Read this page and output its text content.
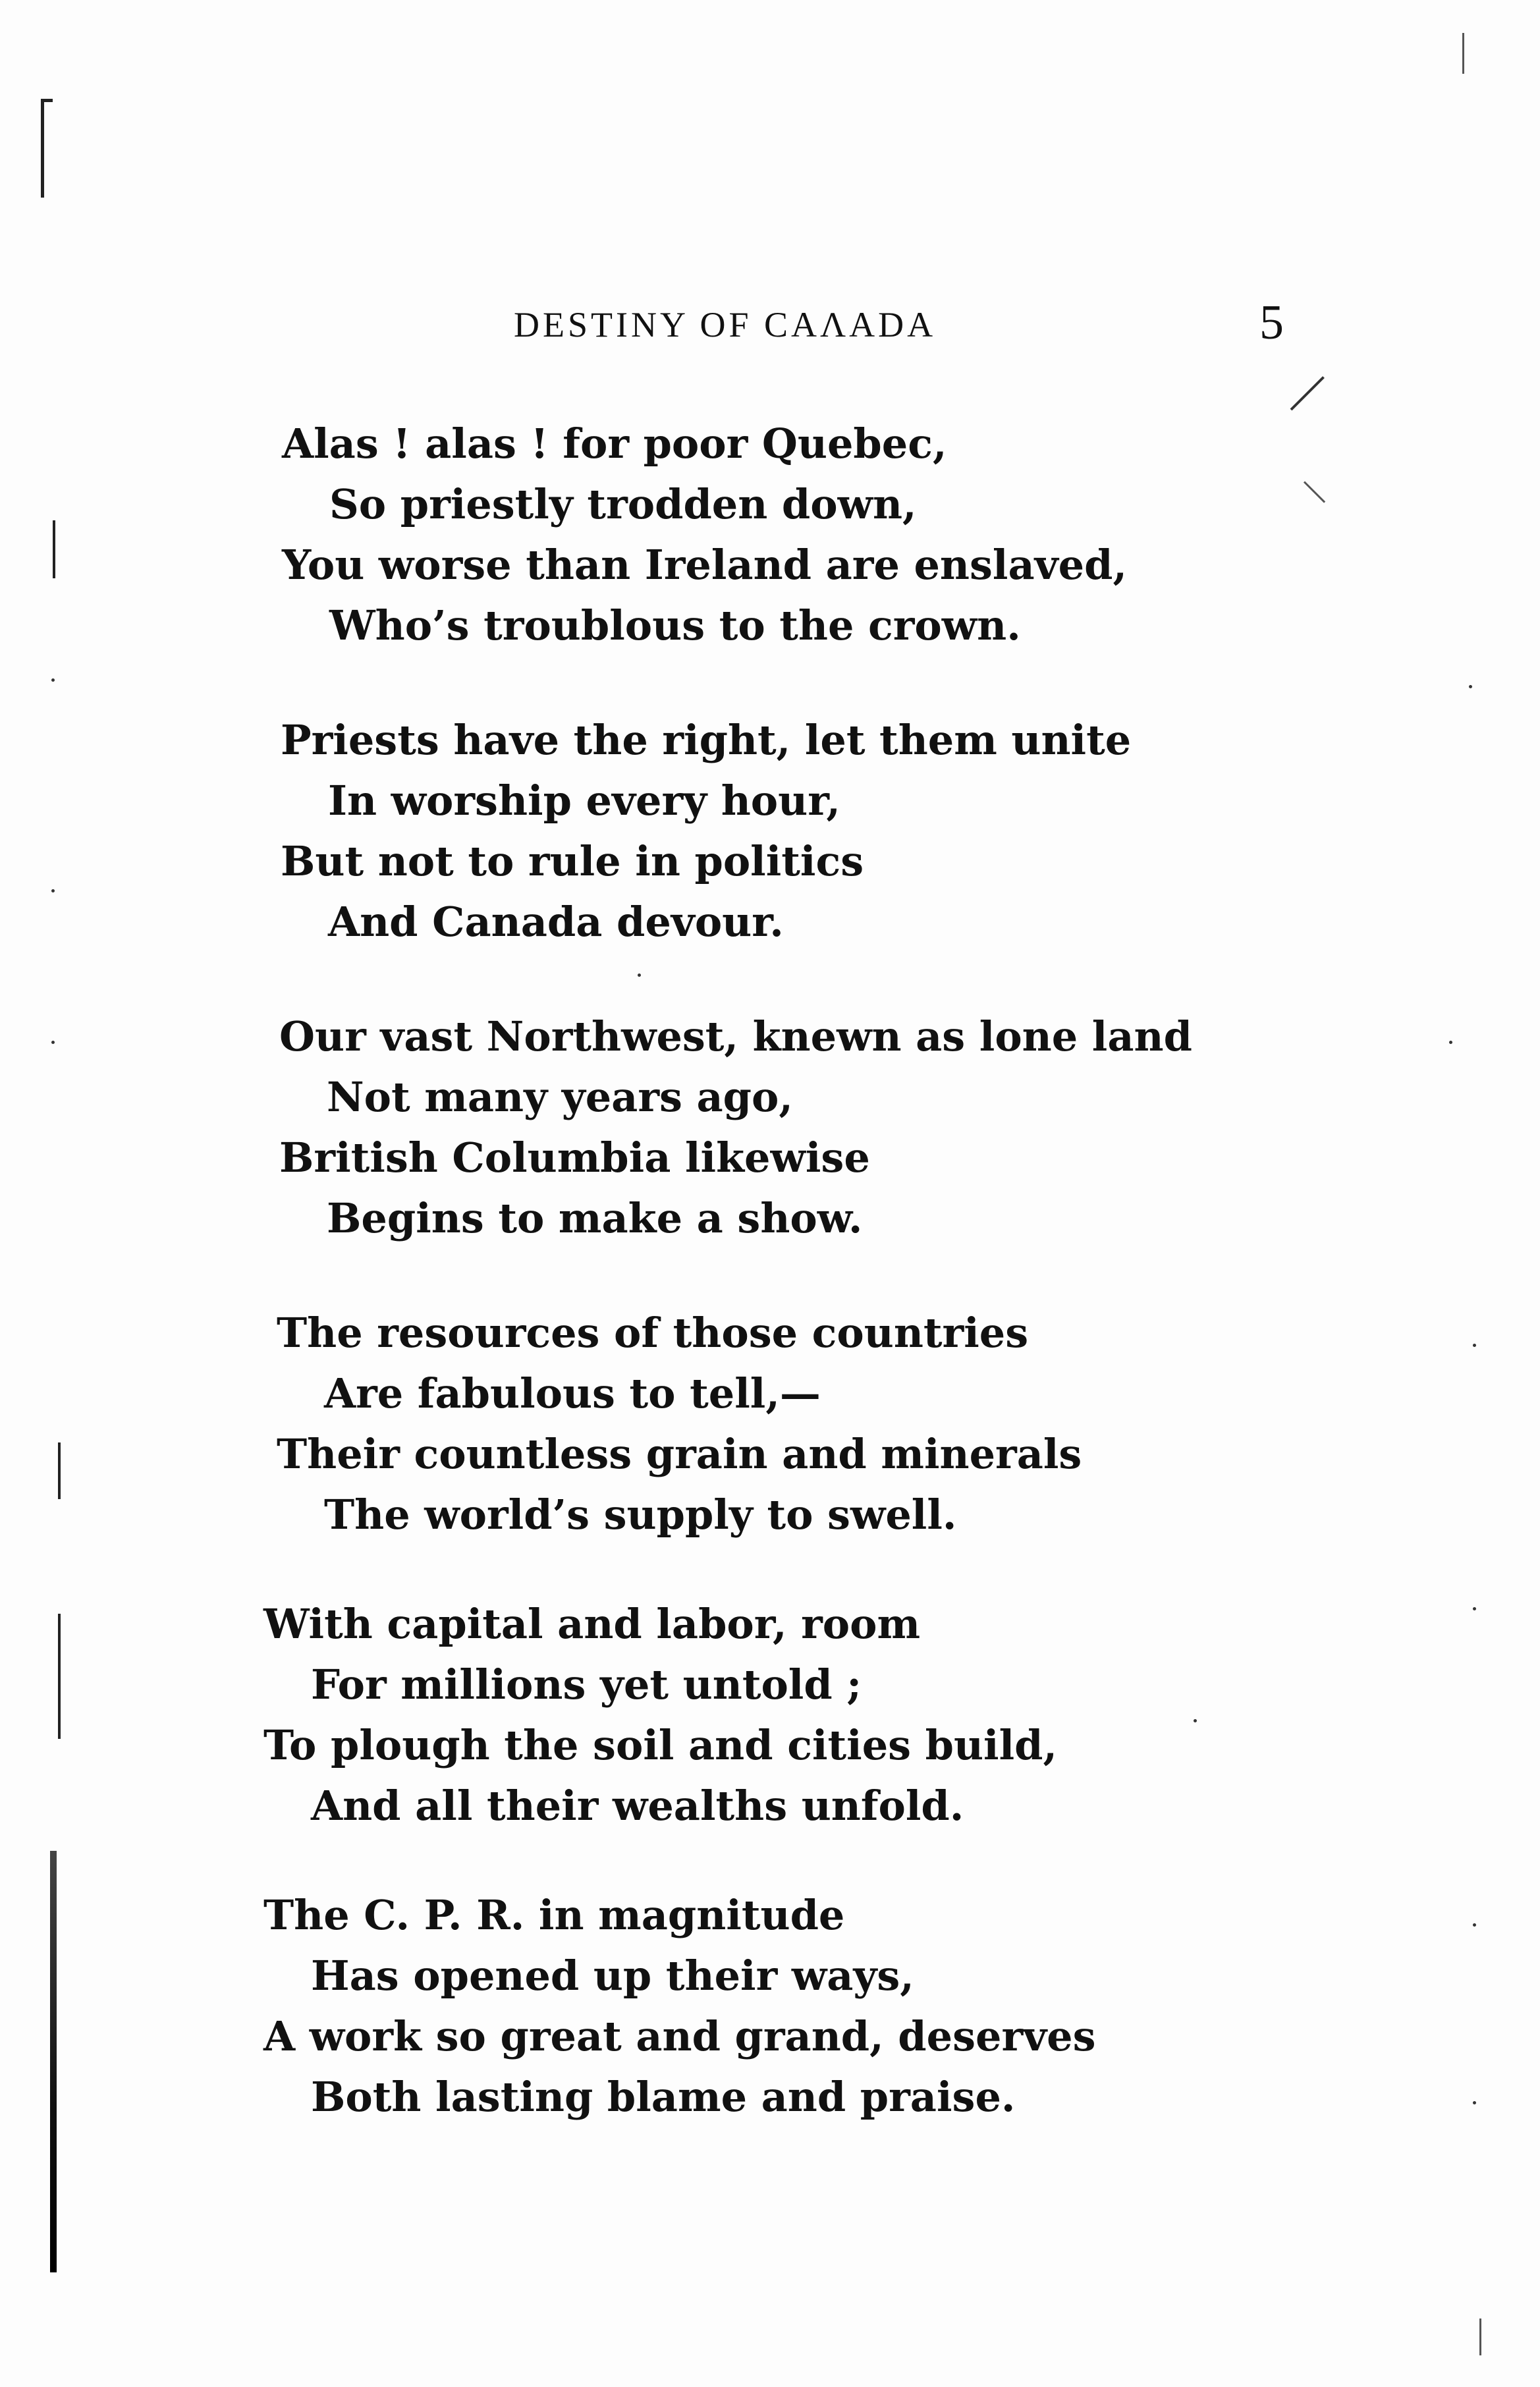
DESTINY OF CAɅADA	5
Alas ! alas ! for poor Quebec,
So priestly trodden down,
You worse than Ireland are enslaved,
Who’s troublous to the crown.
Priests have the right, let them unite
In worship every hour,
But not to rule in politics
And Canada devour.
Our vast Northwest, knewn as lone land
Not many years ago,
British Columbia likewise
Begins to make a show.
The resources of those countries
Are fabulous to tell,—
Their countless grain and minerals
The world’s supply to swell.
With capital and labor, room
For millions yet untold ;
To plough the soil and cities build,
And all their wealths unfold.
The C. P. R. in magnitude
Has opened up their ways,
A work so great and grand, deserves
Both lasting blame and praise.
